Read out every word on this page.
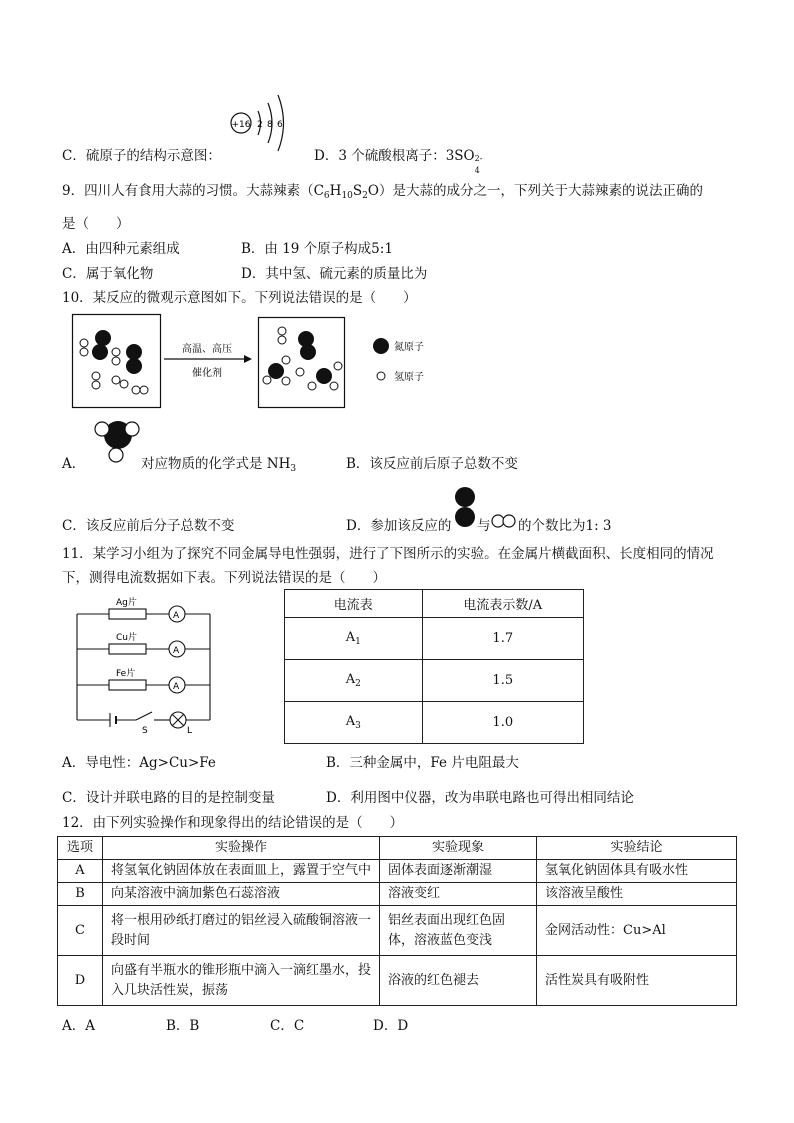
+16 2 8 6
C．硫原子的结构示意图：	D．3 个硫酸根离子：3SO 2-
4
9．四川人有食用大蒜的习惯。大蒜辣素$(C_6H_{10}S_2O)$是大蒜的成分之一，下列关于大蒜辣素的说法正确的
是（　　）
A．由四种元素组成	B．由 19 个原子构成5:1
C．属于氧化物	D．其中氢、硫元素的质量比为
10．某反应的微观示意图如下。下列说法错误的是（　　）
高温、高压
催化剂
氮原子
氢原子
A．	对应物质的化学式是 $NH_3$	B．该反应前后原子总数不变
C．该反应前后分子总数不变	D．参加该反应的 与 的个数比为1: 3
11．某学习小组为了探究不同金属导电性强弱，进行了下图所示的实验。在金属片横截面积、长度相同的情况
下，测得电流数据如下表。下列说法错误的是（　　）
Ag片
Cu片
Fe片
A
A
A
S	L
电流表	电流表示数/A
$A_1$	1.7
$A_2$	1.5
$A_3$	1.0
A．导电性：Ag>Cu>Fe	B．三种金属中，Fe 片电阻最大
C．设计并联电路的目的是控制变量	D．利用图中仪器，改为串联电路也可得出相同结论
12．由下列实验操作和现象得出的结论错误的是（　　）
选项	实验操作	实验现象	实验结论
A	将氢氧化钠固体放在表面皿上，露置于空气中	固体表面逐渐潮湿	氢氧化钠固体具有吸水性
B	向某溶液中滴加紫色石蕊溶液	溶液变红	该溶液呈酸性
C	将一根用砂纸打磨过的铝丝浸入硫酸铜溶液一段时间	铝丝表面出现红色固体，溶液蓝色变浅	金网活动性：Cu>Al
D	向盛有半瓶水的锥形瓶中滴入一滴红墨水，投入几块活性炭，振荡	浴液的红色褪去	活性炭具有吸附性
A．A	B．B	C．C	D．D
